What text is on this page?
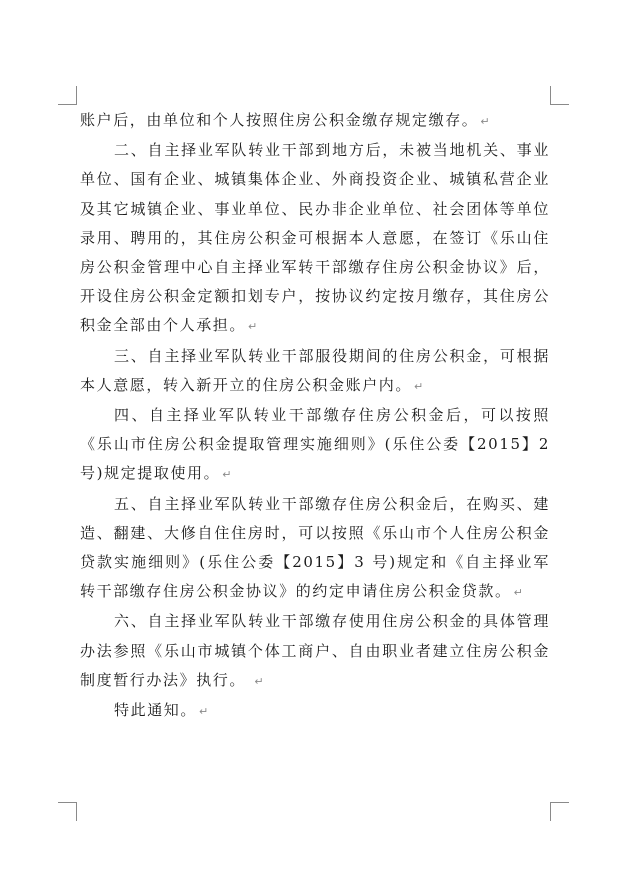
账户后，由单位和个人按照住房公积金缴存规定缴存。 ↵

二、自主择业军队转业干部到地方后，未被当地机关、事业单位、国有企业、城镇集体企业、外商投资企业、城镇私营企业及其它城镇企业、事业单位、民办非企业单位、社会团体等单位录用、聘用的，其住房公积金可根据本人意愿，在签订《乐山住房公积金管理中心自主择业军转干部缴存住房公积金协议》后，开设住房公积金定额扣划专户，按协议约定按月缴存，其住房公积金全部由个人承担。 ↵

三、自主择业军队转业干部服役期间的住房公积金，可根据本人意愿，转入新开立的住房公积金账户内。 ↵

四、自主择业军队转业干部缴存住房公积金后，可以按照《乐山市住房公积金提取管理实施细则》(乐住公委【2015】2 号)规定提取使用。 ↵

五、自主择业军队转业干部缴存住房公积金后，在购买、建造、翻建、大修自住住房时，可以按照《乐山市个人住房公积金贷款实施细则》(乐住公委【2015】3 号)规定和《自主择业军转干部缴存住房公积金协议》的约定申请住房公积金贷款。 ↵

六、自主择业军队转业干部缴存使用住房公积金的具体管理办法参照《乐山市城镇个体工商户、自由职业者建立住房公积金制度暂行办法》执行。 ↵

特此通知。 ↵
